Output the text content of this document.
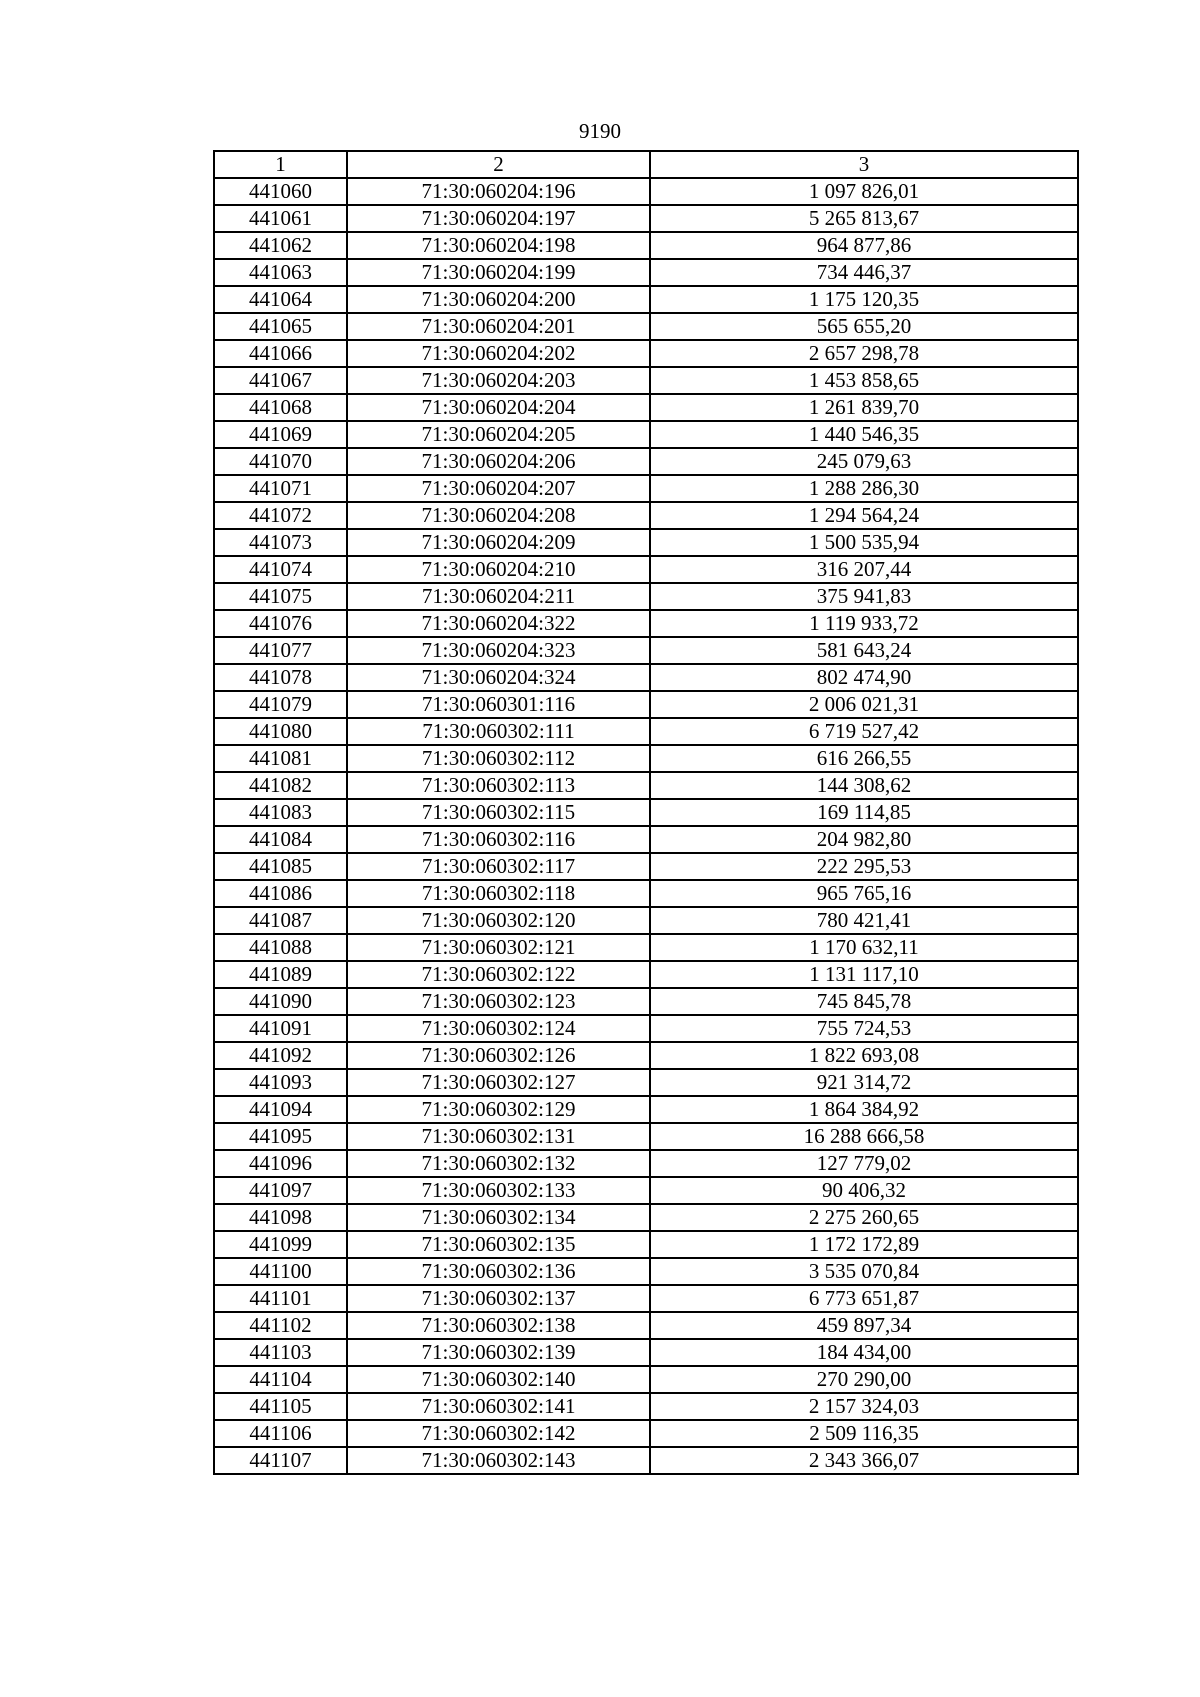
9190
1	2	3
441060	71:30:060204:196	1 097 826,01
441061	71:30:060204:197	5 265 813,67
441062	71:30:060204:198	964 877,86
441063	71:30:060204:199	734 446,37
441064	71:30:060204:200	1 175 120,35
441065	71:30:060204:201	565 655,20
441066	71:30:060204:202	2 657 298,78
441067	71:30:060204:203	1 453 858,65
441068	71:30:060204:204	1 261 839,70
441069	71:30:060204:205	1 440 546,35
441070	71:30:060204:206	245 079,63
441071	71:30:060204:207	1 288 286,30
441072	71:30:060204:208	1 294 564,24
441073	71:30:060204:209	1 500 535,94
441074	71:30:060204:210	316 207,44
441075	71:30:060204:211	375 941,83
441076	71:30:060204:322	1 119 933,72
441077	71:30:060204:323	581 643,24
441078	71:30:060204:324	802 474,90
441079	71:30:060301:116	2 006 021,31
441080	71:30:060302:111	6 719 527,42
441081	71:30:060302:112	616 266,55
441082	71:30:060302:113	144 308,62
441083	71:30:060302:115	169 114,85
441084	71:30:060302:116	204 982,80
441085	71:30:060302:117	222 295,53
441086	71:30:060302:118	965 765,16
441087	71:30:060302:120	780 421,41
441088	71:30:060302:121	1 170 632,11
441089	71:30:060302:122	1 131 117,10
441090	71:30:060302:123	745 845,78
441091	71:30:060302:124	755 724,53
441092	71:30:060302:126	1 822 693,08
441093	71:30:060302:127	921 314,72
441094	71:30:060302:129	1 864 384,92
441095	71:30:060302:131	16 288 666,58
441096	71:30:060302:132	127 779,02
441097	71:30:060302:133	90 406,32
441098	71:30:060302:134	2 275 260,65
441099	71:30:060302:135	1 172 172,89
441100	71:30:060302:136	3 535 070,84
441101	71:30:060302:137	6 773 651,87
441102	71:30:060302:138	459 897,34
441103	71:30:060302:139	184 434,00
441104	71:30:060302:140	270 290,00
441105	71:30:060302:141	2 157 324,03
441106	71:30:060302:142	2 509 116,35
441107	71:30:060302:143	2 343 366,07
